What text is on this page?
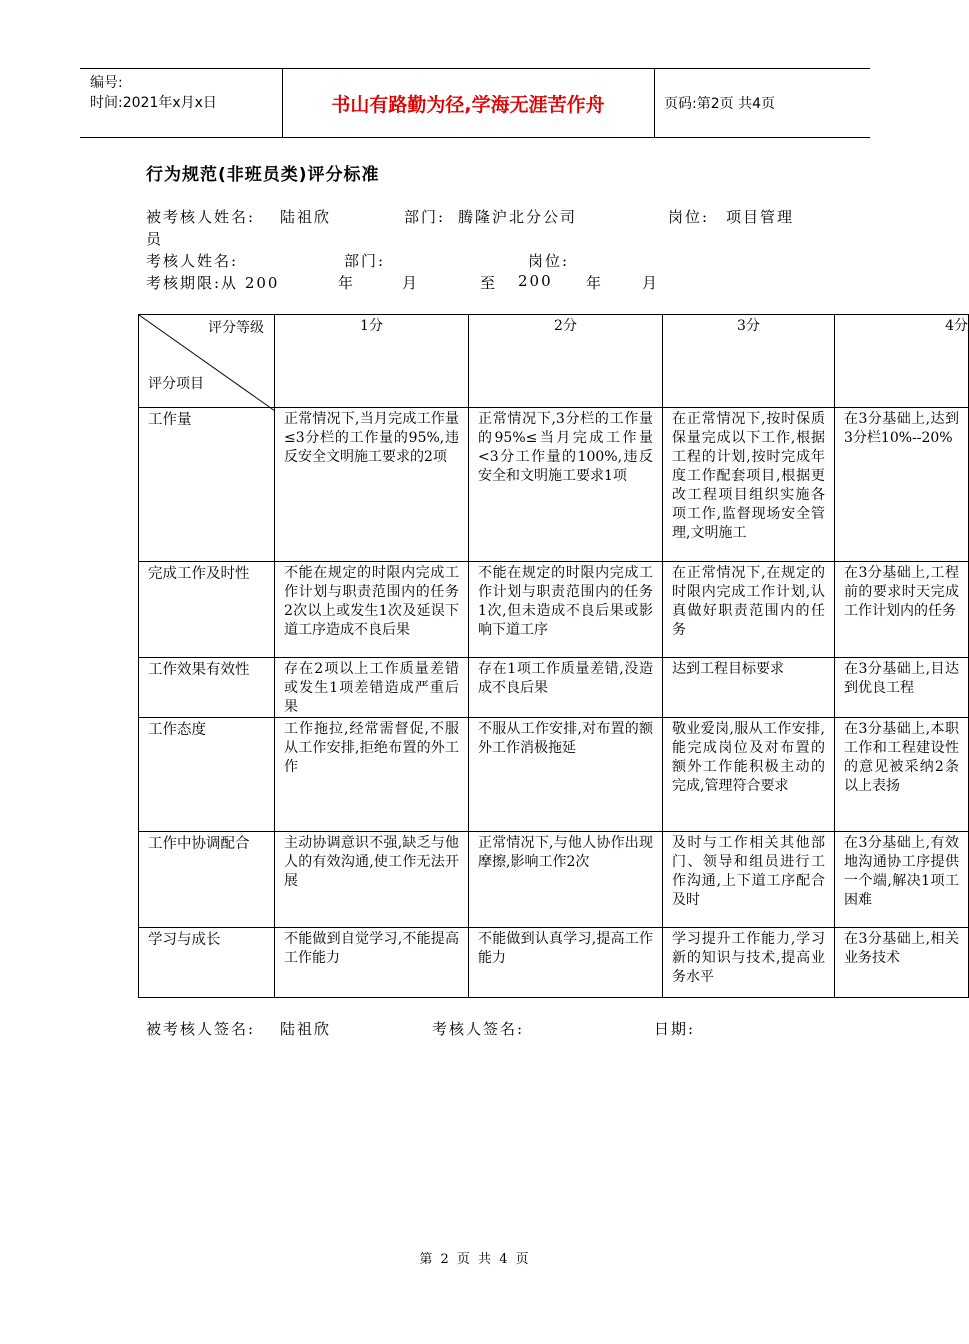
编号:
时间:2021年x月x日	书山有路勤为径,学海无涯苦作舟	页码:第2页 共4页
行为规范(非班员类)评分标准
被考核人姓名: 陆祖欣	部门: 腾隆沪北分公司	岗位: 项目管理
员
考核人姓名:	部门:	岗位:
考核期限:从 200	年	月	至 200 年	月
评分等级
评分项目	1分	2分	3分	4分
工作量	正常情况下,当月完成工作量≤3分栏的工作量的95%,违反安全文明施工要求的2项	正常情况下,3分栏的工作量的95%≤当月完成工作量<3分工作量的100%,违反安全和文明施工要求1项	在正常情况下,按时保质保量完成以下工作,根据工程的计划,按时完成年度工作配套项目,根据更改工程项目组织实施各项工作,监督现场安全管理,文明施工	在3分基础上,达到3分栏10%--20%
完成工作及时性	不能在规定的时限内完成工作计划与职责范围内的任务2次以上或发生1次及延误下道工序造成不良后果	不能在规定的时限内完成工作计划与职责范围内的任务1次,但未造成不良后果或影响下道工序	在正常情况下,在规定的时限内完成工作计划,认真做好职责范围内的任务	在3分基础上,工程前的要求时天完成工作计划内的任务
工作效果有效性	存在2项以上工作质量差错或发生1项差错造成严重后果	存在1项工作质量差错,没造成不良后果	达到工程目标要求	在3分基础上,目达到优良工程
工作态度	工作拖拉,经常需督促,不服从工作安排,拒绝布置的外工作	不服从工作安排,对布置的额外工作消极拖延	敬业爱岗,服从工作安排,能完成岗位及对布置的额外工作能积极主动的完成,管理符合要求	在3分基础上,本职工作和工程建设性的意见被采纳2条以上表扬
工作中协调配合	主动协调意识不强,缺乏与他人的有效沟通,使工作无法开展	正常情况下,与他人协作出现摩擦,影响工作2次	及时与工作相关其他部门、领导和组员进行工作沟通,上下道工序配合及时	在3分基础上,有效地沟通协工序提供一个端,解决1项工困难
学习与成长	不能做到自觉学习,不能提高工作能力	不能做到认真学习,提高工作能力	学习提升工作能力,学习新的知识与技术,提高业务水平	在3分基础上,相关业务技术
被考核人签名: 陆祖欣	考核人签名:	日期:
第 2 页 共 4 页
